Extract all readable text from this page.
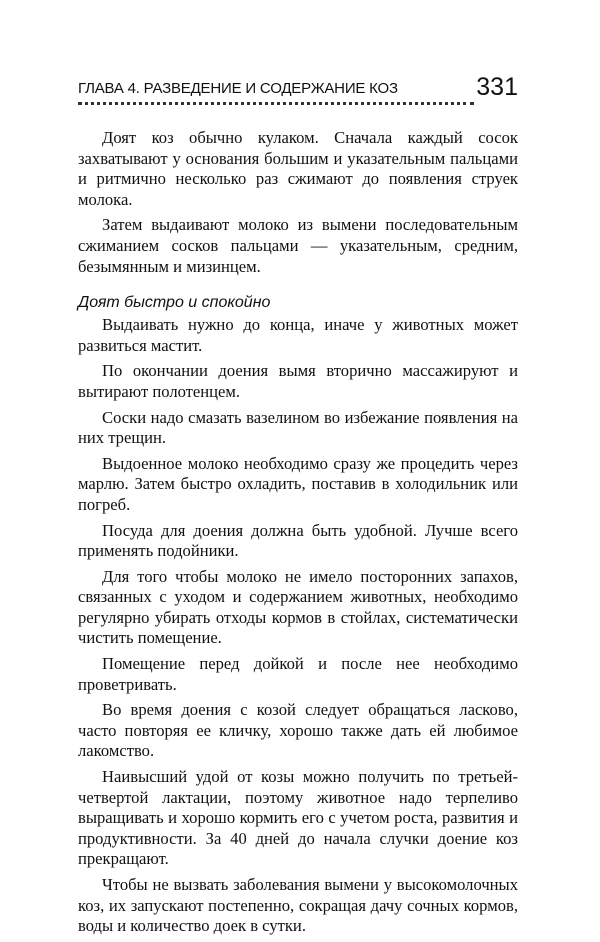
ГЛАВА 4. РАЗВЕДЕНИЕ И СОДЕРЖАНИЕ КОЗ	331

Доят коз обычно кулаком. Сначала каждый сосок захватывают у основания большим и указательным пальцами и ритмично несколько раз сжимают до появления струек молока.

Затем выдаивают молоко из вымени последовательным сжиманием сосков пальцами — указательным, средним, безымянным и мизинцем.

Доят быстро и спокойно

Выдаивать нужно до конца, иначе у животных может развиться мастит.

По окончании доения вымя вторично массажируют и вытирают полотенцем.

Соски надо смазать вазелином во избежание появления на них трещин.

Выдоенное молоко необходимо сразу же процедить через марлю. Затем быстро охладить, поставив в холодильник или погреб.

Посуда для доения должна быть удобной. Лучше всего применять подойники.

Для того чтобы молоко не имело посторонних запахов, связанных с уходом и содержанием животных, необходимо регулярно убирать отходы кормов в стойлах, систематически чистить помещение.

Помещение перед дойкой и после нее необходимо проветривать.

Во время доения с козой следует обращаться ласково, часто повторяя ее кличку, хорошо также дать ей любимое лакомство.

Наивысший удой от козы можно получить по третьей-четвертой лактации, поэтому животное надо терпеливо выращивать и хорошо кормить его с учетом роста, развития и продуктивности. За 40 дней до начала случки доение коз прекращают.

Чтобы не вызвать заболевания вымени у высокомолочных коз, их запускают постепенно, сокращая дачу сочных кормов, воды и количество доек в сутки.
